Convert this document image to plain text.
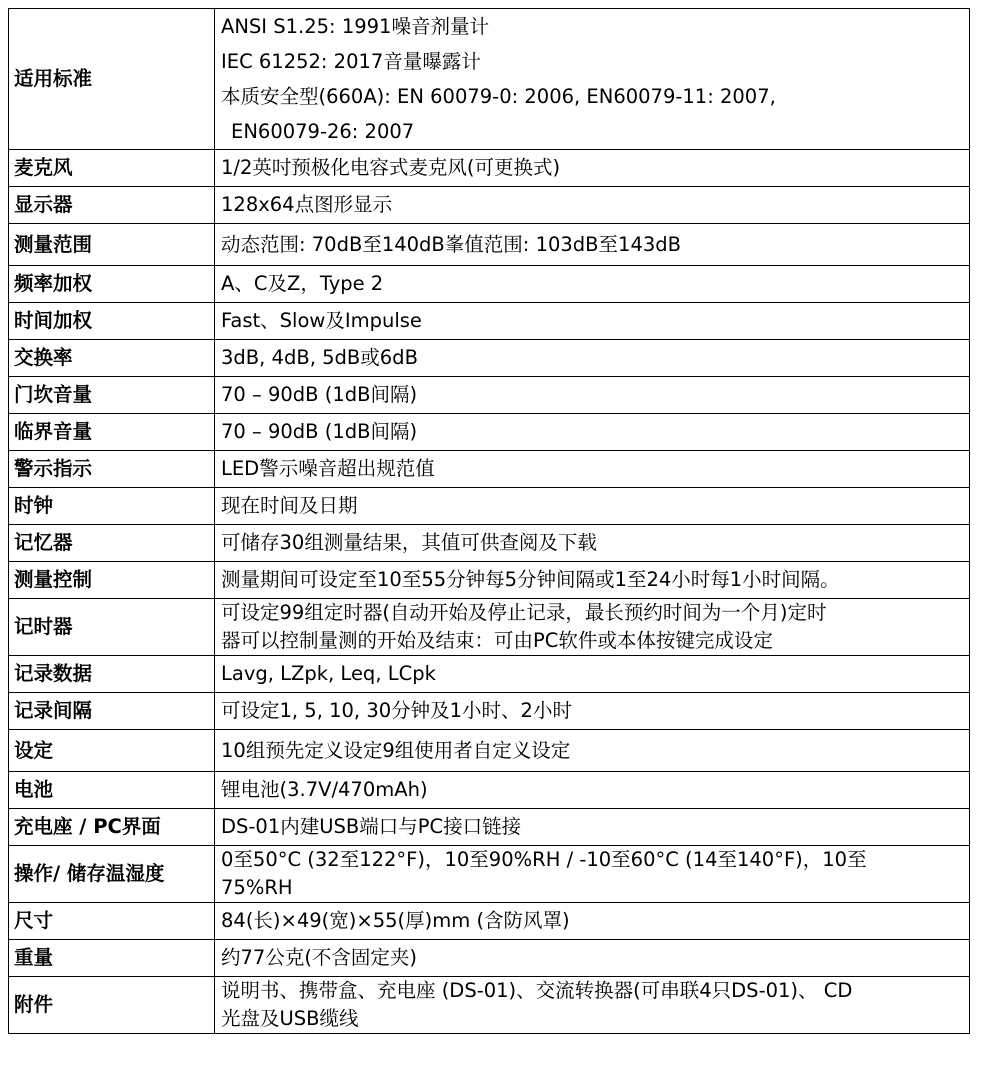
适用标准	ANSI S1.25: 1991噪音剂量计
IEC 61252: 2017音量曝露计
本质安全型(660A): EN 60079-0: 2006, EN60079-11: 2007,
EN60079-26: 2007

麦克风	1/2英吋预极化电容式麦克风(可更换式)

显示器	128x64点图形显示

测量范围	动态范围: 70dB至140dB峯值范围: 103dB至143dB

频率加权	A、C及Z，Type 2

时间加权	Fast、Slow及Impulse

交换率	3dB, 4dB, 5dB或6dB

门坎音量	70 – 90dB (1dB间隔)

临界音量	70 – 90dB (1dB间隔)

警示指示	LED警示噪音超出规范值

时钟	现在时间及日期

记忆器	可储存30组测量结果，其值可供查阅及下载

测量控制	测量期间可设定至10至55分钟每5分钟间隔或1至24小时每1小时间隔。

记时器	可设定99组定时器(自动开始及停止记录，最长预约时间为一个月)定时
器可以控制量测的开始及结束：可由PC软件或本体按键完成设定

记录数据	Lavg, LZpk, Leq, LCpk

记录间隔	可设定1, 5, 10, 30分钟及1小时、2小时

设定	10组预先定义设定9组使用者自定义设定

电池	锂电池(3.7V/470mAh)

充电座 / PC界面	DS-01内建USB端口与PC接口链接

操作/ 储存温湿度	0至50°C (32至122°F)，10至90%RH / -10至60°C (14至140°F)，10至
75%RH

尺寸	84(长)×49(宽)×55(厚)mm (含防风罩)

重量	约77公克(不含固定夹)

附件	说明书、携带盒、充电座 (DS-01)、交流转换器(可串联4只DS-01)、 CD
光盘及USB缆线
